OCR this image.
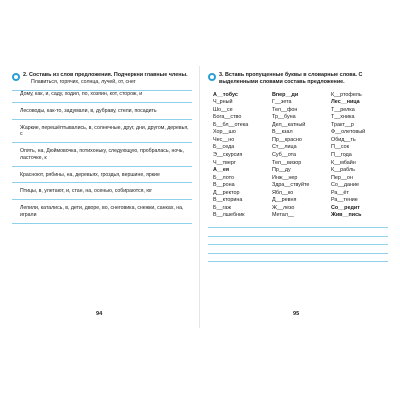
2. Составь из слов предложения. Подчеркни главные члены.
Плавиться, горячих, солнца, лучей, от, снег
Дому, как, и, саду, ходил, по, хозяин, кот, сторож, и
Лесоводы, как-то, задумали, в, дубраву, стели, посадить
Жаркие, перешёптывались, в, солнечные, друг, дни, другом, деревья, с
Опять, на, Дюймовочка, потихоньку, следующую, пробралась, ночь, ласточке, к
Красноют, рябины, на, деревьях, гроздья, вершине, яркие
Птицы, в, улетают, и, стан, на, осенью, собираются, юг
Лепили, катались, в, дети, дворе, во, снеговика, снежки, санках, на, играли
94
3. Вставь пропущенные буквы в словарные слова. С выделенными словами составь предложение.
А__тобус
Ч_рный
Шо__се
Бога__ство
Б__бл__отека
Хор__шо
Чес__но
Б__седа
Э__скурсия
Ч__тверг
А__ея
Б__лото
В__рона
Д__ректор
В__кторина
Б__гаж
В__лшебник
Впер__ди
Г__зета
Тел__фон
Тр__буна
Дел__катный
В__кзал
Пр__красно
Ст__лица
Суб__ота
Тел__визор
Пр__ду
Инж__нер
Здра__ствуйте
Ябл__ко
Д__ревня
Ж__лезо
Метал__
К__ртофель
Лес__ница
Т__релка
Т__хника
Тракт__р
Ф__олетовый
Обид__ть
П__сок
П__года
К__мбайн
К__рабль
Пер__он
Со__дание
Ра__ёт
Ра__тение
Со__редит
Жив__пись
95
